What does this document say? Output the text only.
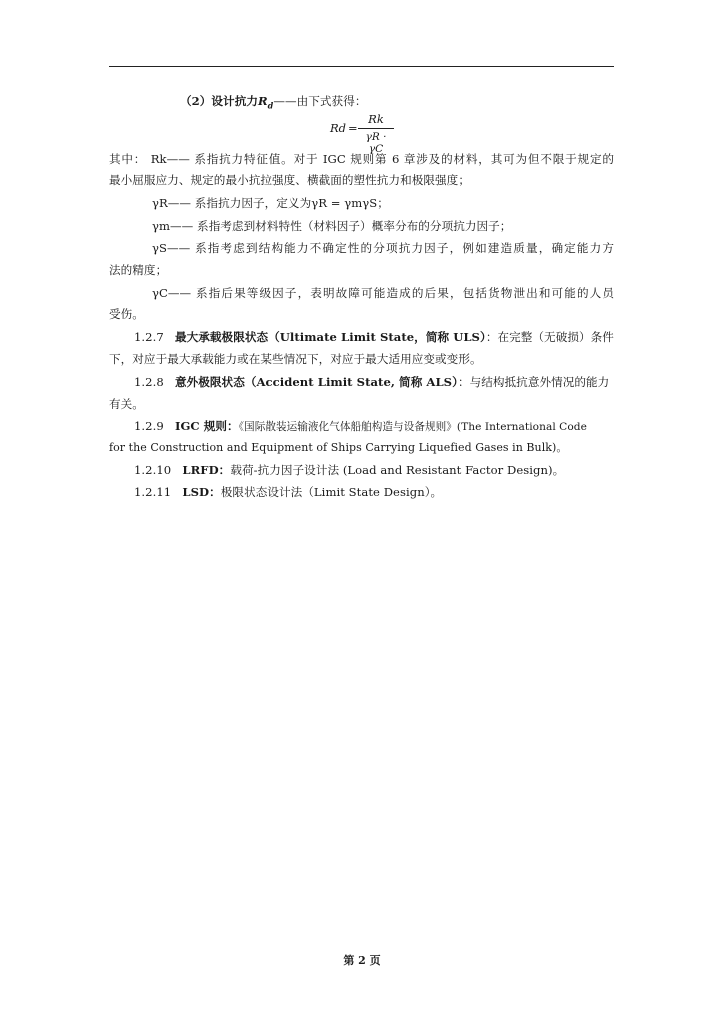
（2）设计抗力$R_d——$由下式获得：
Rd =
Rk
γR · γC
其中： Rk—— 系指抗力特征值。对于 IGC 规则第 6 章涉及的材料，其可为但不限于规定的
最小屈服应力、规定的最小抗拉强度、横截面的塑性抗力和极限强度；
γR—— 系指抗力因子，定义为γR = γmγS；
γm—— 系指考虑到材料特性（材料因子）概率分布的分项抗力因子；
γS—— 系指考虑到结构能力不确定性的分项抗力因子，例如建造质量，确定能力方
法的精度；
γC—— 系指后果等级因子，表明故障可能造成的后果，包括货物泄出和可能的人员
受伤。
1.2.7 最大承载极限状态（Ultimate Limit State，简称 ULS）：在完整（无破损）条件
下，对应于最大承载能力或在某些情况下，对应于最大适用应变或变形。
1.2.8 意外极限状态（Accident Limit State, 简称 ALS）：与结构抵抗意外情况的能力
有关。
1.2.9 IGC 规则：《国际散装运输液化气体船舶构造与设备规则》(The International Code
for the Construction and Equipment of Ships Carrying Liquefied Gases in Bulk)。
1.2.10 LRFD：载荷-抗力因子设计法 (Load and Resistant Factor Design)。
1.2.11 LSD：极限状态设计法（Limit State Design）。
第 2 页
